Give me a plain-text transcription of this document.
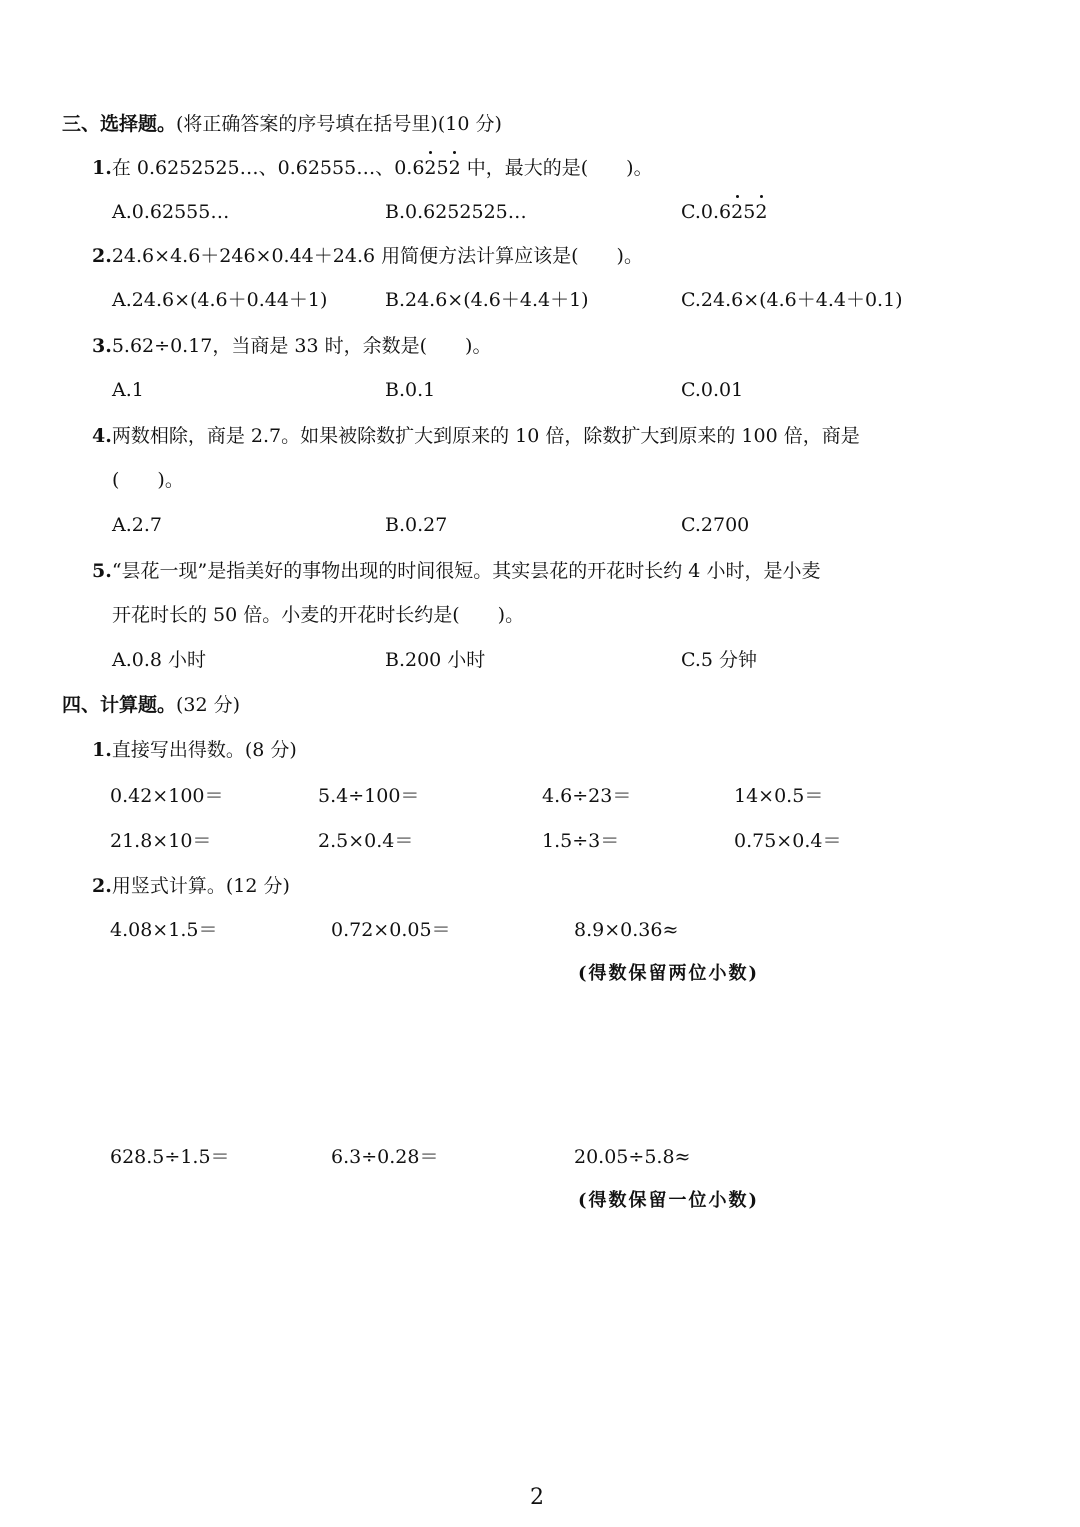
三、选择题。(将正确答案的序号填在括号里)(10 分)
1.在 0.6252525…、0.62555…、0.6252 中，最大的是(　　)。
A.0.62555…	B.0.6252525…	C.0.6252
2.24.6×4.6＋246×0.44＋24.6 用简便方法计算应该是(　　)。
A.24.6×(4.6＋0.44＋1)	B.24.6×(4.6＋4.4＋1)	C.24.6×(4.6＋4.4＋0.1)
3.5.62÷0.17，当商是 33 时，余数是(　　)。
A.1	B.0.1	C.0.01
4.两数相除，商是 2.7。如果被除数扩大到原来的 10 倍，除数扩大到原来的 100 倍，商是
(　　)。
A.2.7	B.0.27	C.2700
5.“昙花一现”是指美好的事物出现的时间很短。其实昙花的开花时长约 4 小时，是小麦
开花时长的 50 倍。小麦的开花时长约是(　　)。
A.0.8 小时	B.200 小时	C.5 分钟
四、计算题。(32 分)
1.直接写出得数。(8 分)
0.42×100＝	5.4÷100＝	4.6÷23＝	14×0.5＝
21.8×10＝	2.5×0.4＝	1.5÷3＝	0.75×0.4＝
2.用竖式计算。(12 分)
4.08×1.5＝	0.72×0.05＝	8.9×0.36≈
(得数保留两位小数)
628.5÷1.5＝	6.3÷0.28＝	20.05÷5.8≈
(得数保留一位小数)
2
